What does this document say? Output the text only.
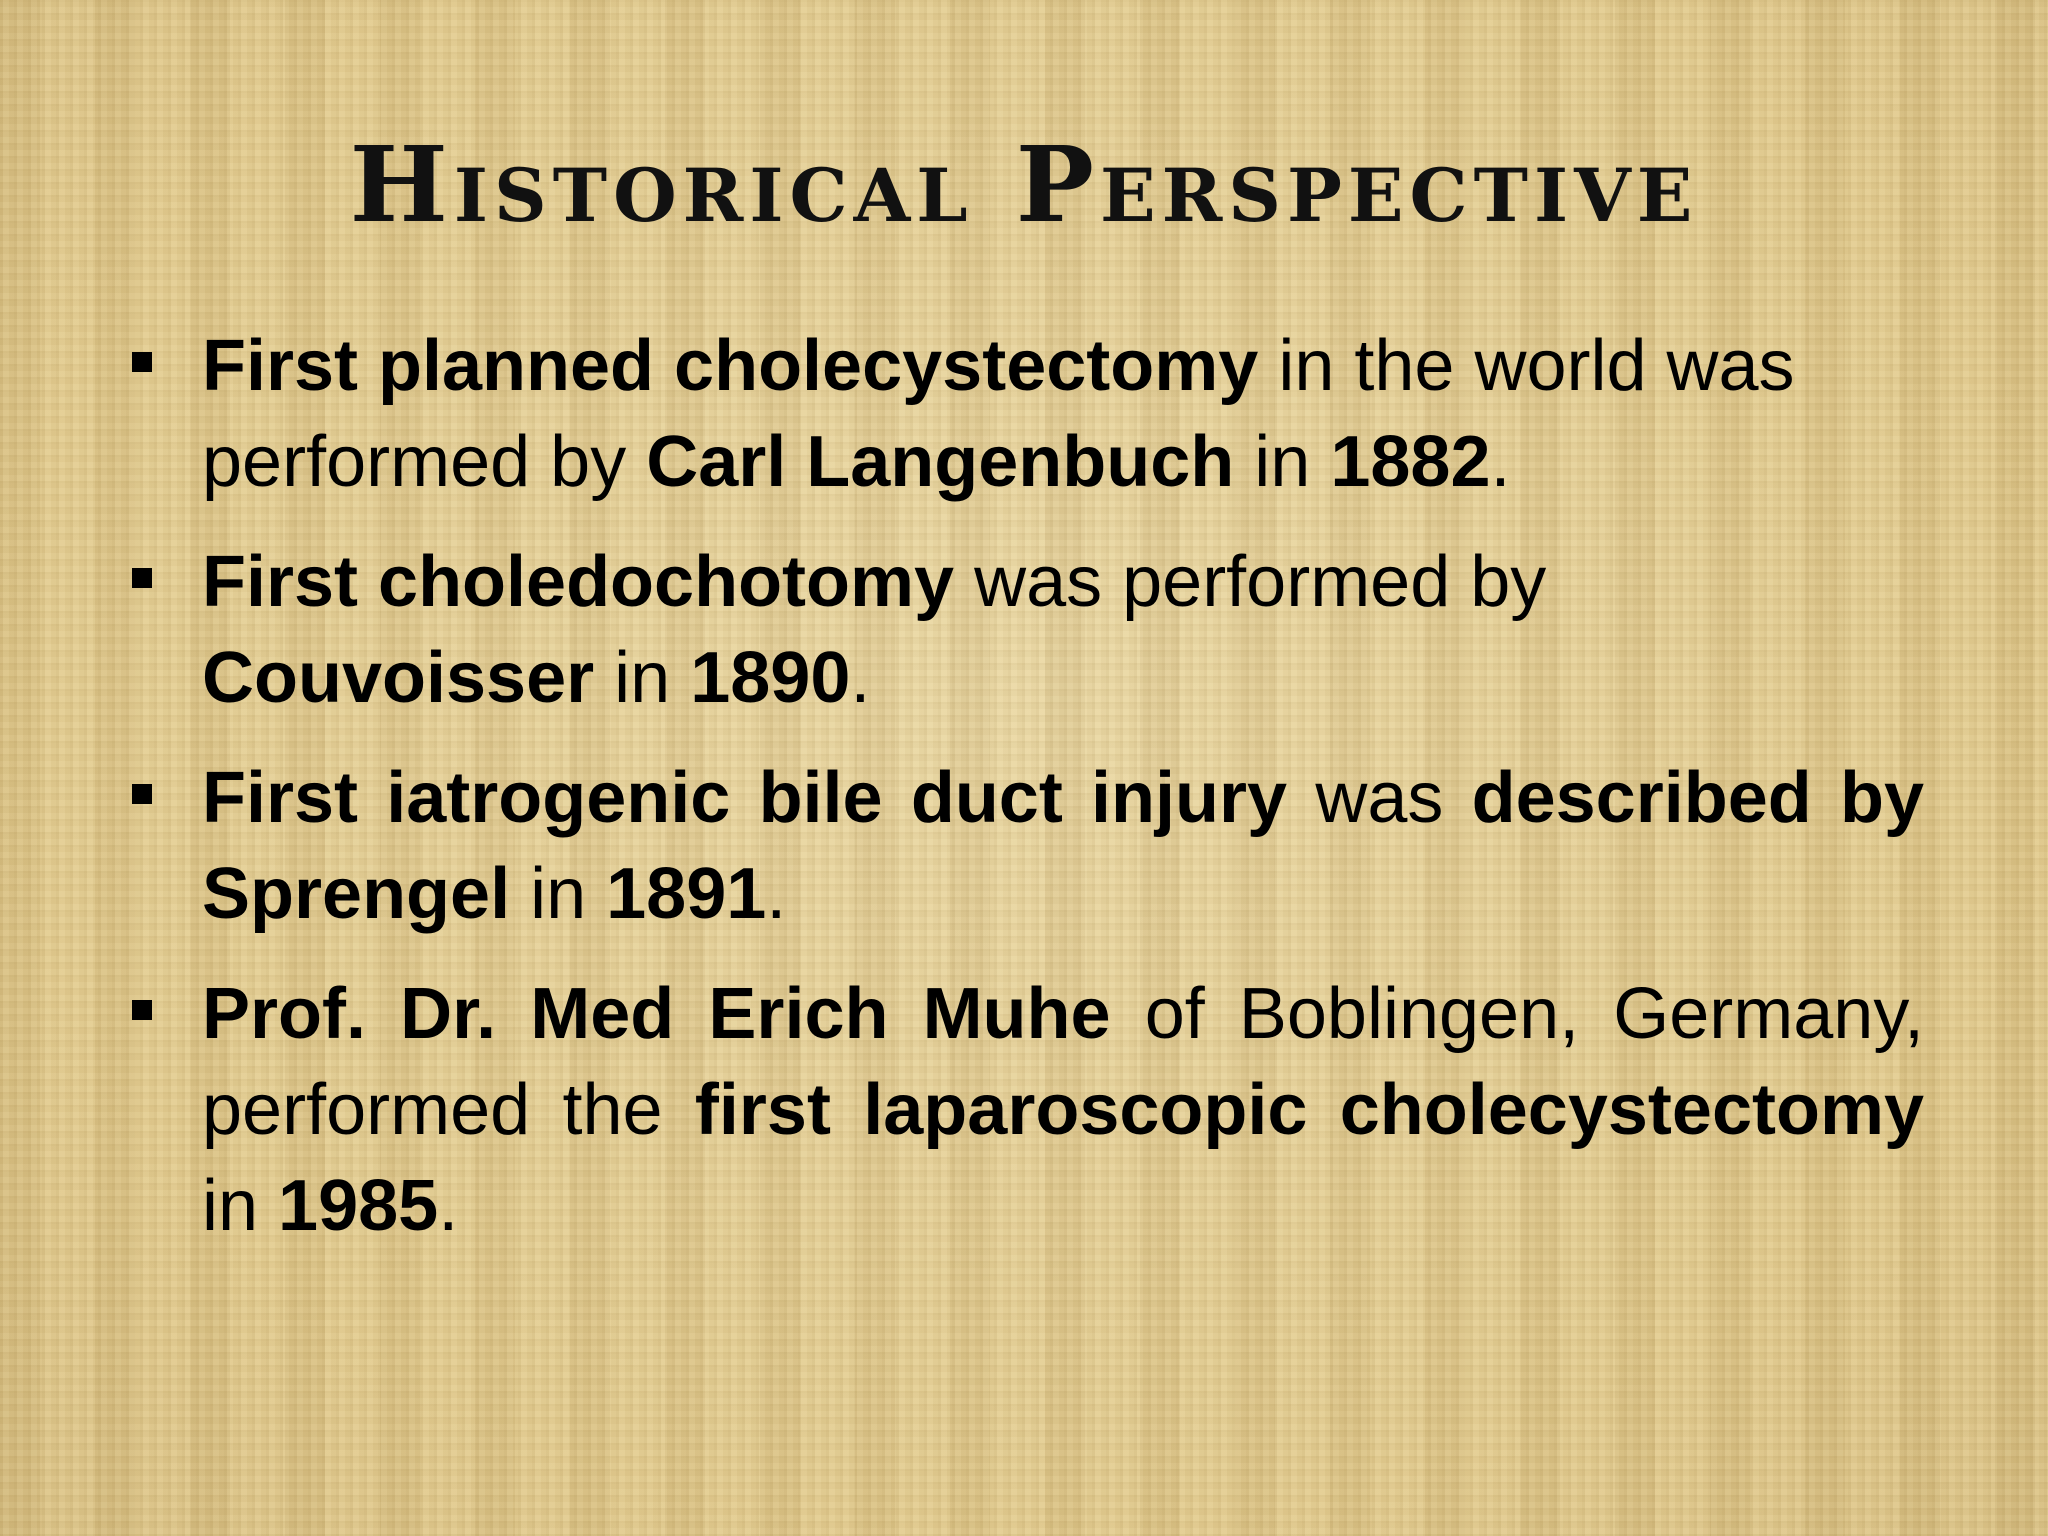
Historical Perspective
First planned cholecystectomy in the world was performed by Carl Langenbuch in 1882.
First choledochotomy was performed by Couvoisser in 1890.
First iatrogenic bile duct injury was described by Sprengel in 1891.
Prof. Dr. Med Erich Muhe of Boblingen, Germany, performed the first laparoscopic cholecystectomy in 1985.
